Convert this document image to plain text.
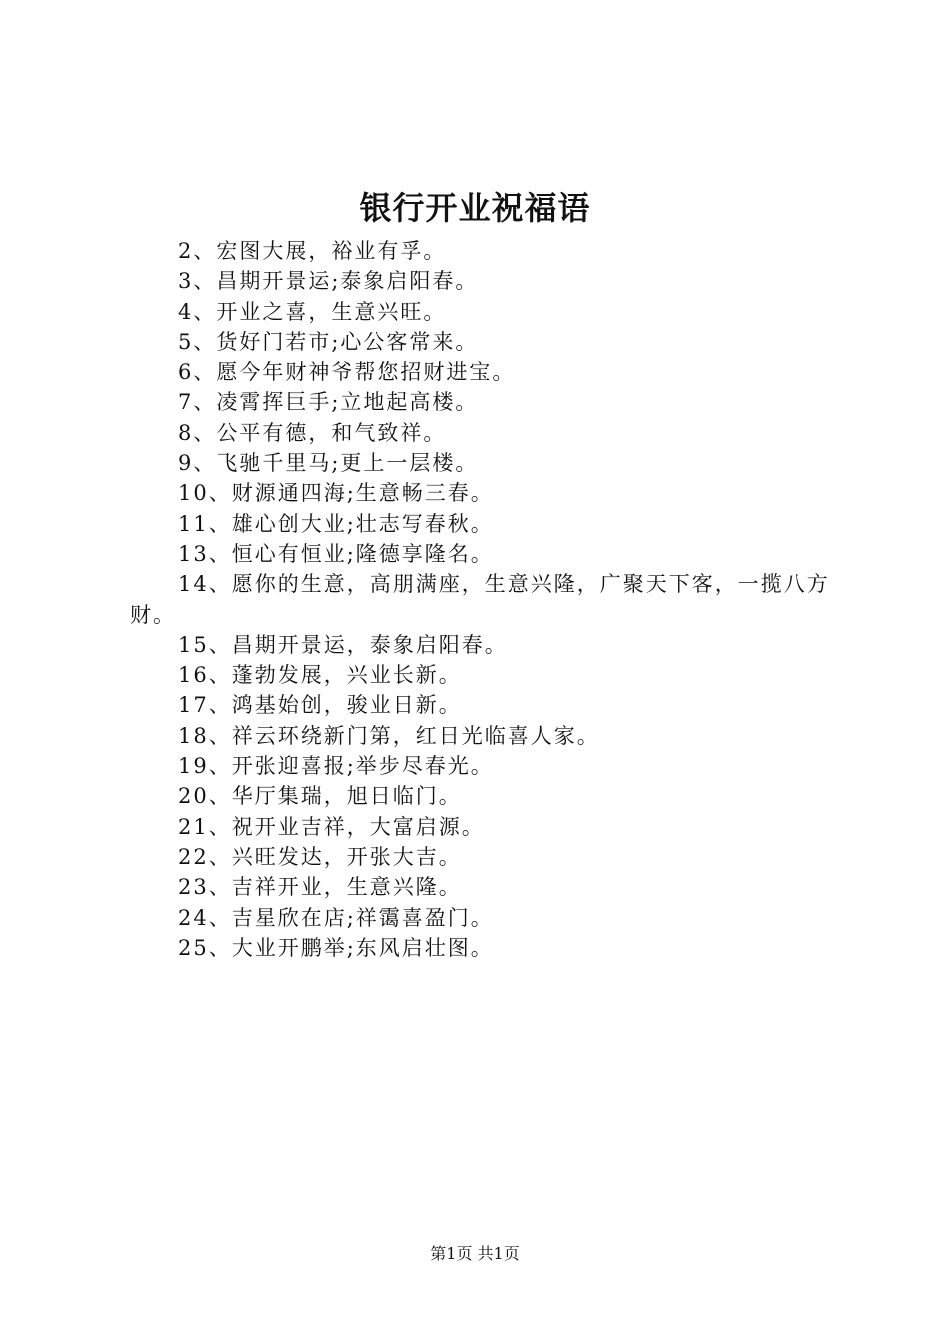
银行开业祝福语
2、宏图大展，裕业有孚。
3、昌期开景运;泰象启阳春。
4、开业之喜，生意兴旺。
5、货好门若市;心公客常来。
6、愿今年财神爷帮您招财进宝。
7、凌霄挥巨手;立地起高楼。
8、公平有德，和气致祥。
9、飞驰千里马;更上一层楼。
10、财源通四海;生意畅三春。
11、雄心创大业;壮志写春秋。
13、恒心有恒业;隆德享隆名。
14、愿你的生意，高朋满座，生意兴隆，广聚天下客，一揽八方财。
15、昌期开景运，泰象启阳春。
16、蓬勃发展，兴业长新。
17、鸿基始创，骏业日新。
18、祥云环绕新门第，红日光临喜人家。
19、开张迎喜报;举步尽春光。
20、华厅集瑞，旭日临门。
21、祝开业吉祥，大富启源。
22、兴旺发达，开张大吉。
23、吉祥开业，生意兴隆。
24、吉星欣在店;祥霭喜盈门。
25、大业开鹏举;东风启壮图。
第1页 共1页
